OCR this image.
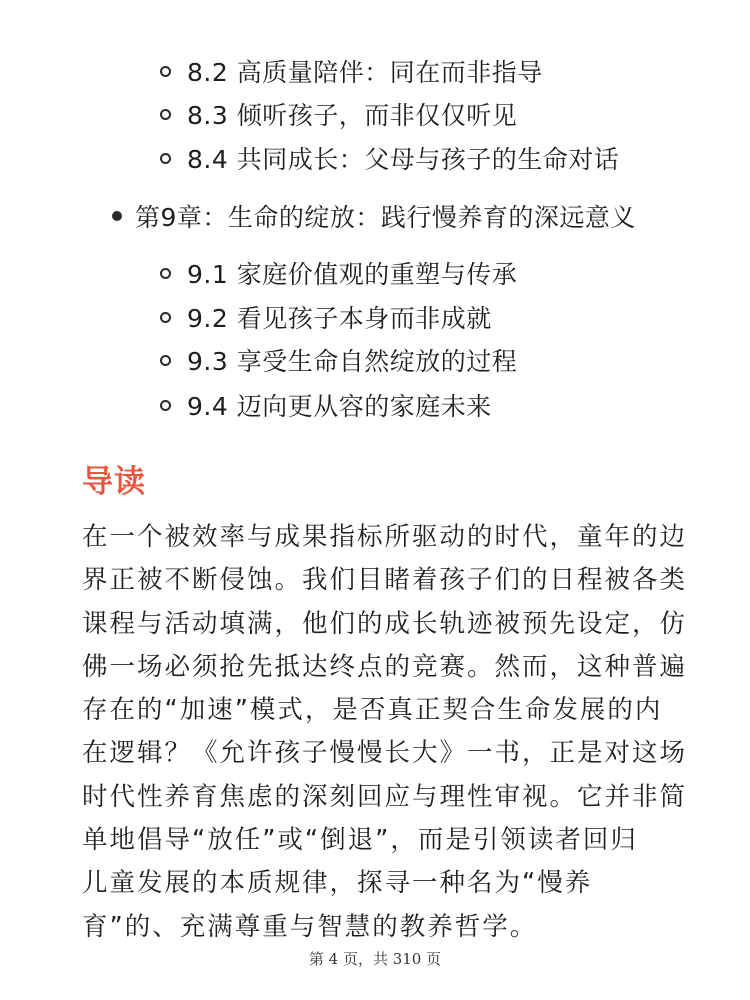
8.2 高质量陪伴：同在而非指导
8.3 倾听孩子，而非仅仅听见
8.4 共同成长：父母与孩子的生命对话
第9章：生命的绽放：践行慢养育的深远意义
9.1 家庭价值观的重塑与传承
9.2 看见孩子本身而非成就
9.3 享受生命自然绽放的过程
9.4 迈向更从容的家庭未来
导读
在一个被效率与成果指标所驱动的时代，童年的边
界正被不断侵蚀。我们目睹着孩子们的日程被各类
课程与活动填满，他们的成长轨迹被预先设定，仿
佛一场必须抢先抵达终点的竞赛。然而，这种普遍
存在的“加速”模式，是否真正契合生命发展的内
在逻辑？《允许孩子慢慢长大》一书，正是对这场
时代性养育焦虑的深刻回应与理性审视。它并非简
单地倡导“放任”或“倒退”，而是引领读者回归
儿童发展的本质规律，探寻一种名为“慢养
育”的、充满尊重与智慧的教养哲学。
第 4 页，共 310 页
